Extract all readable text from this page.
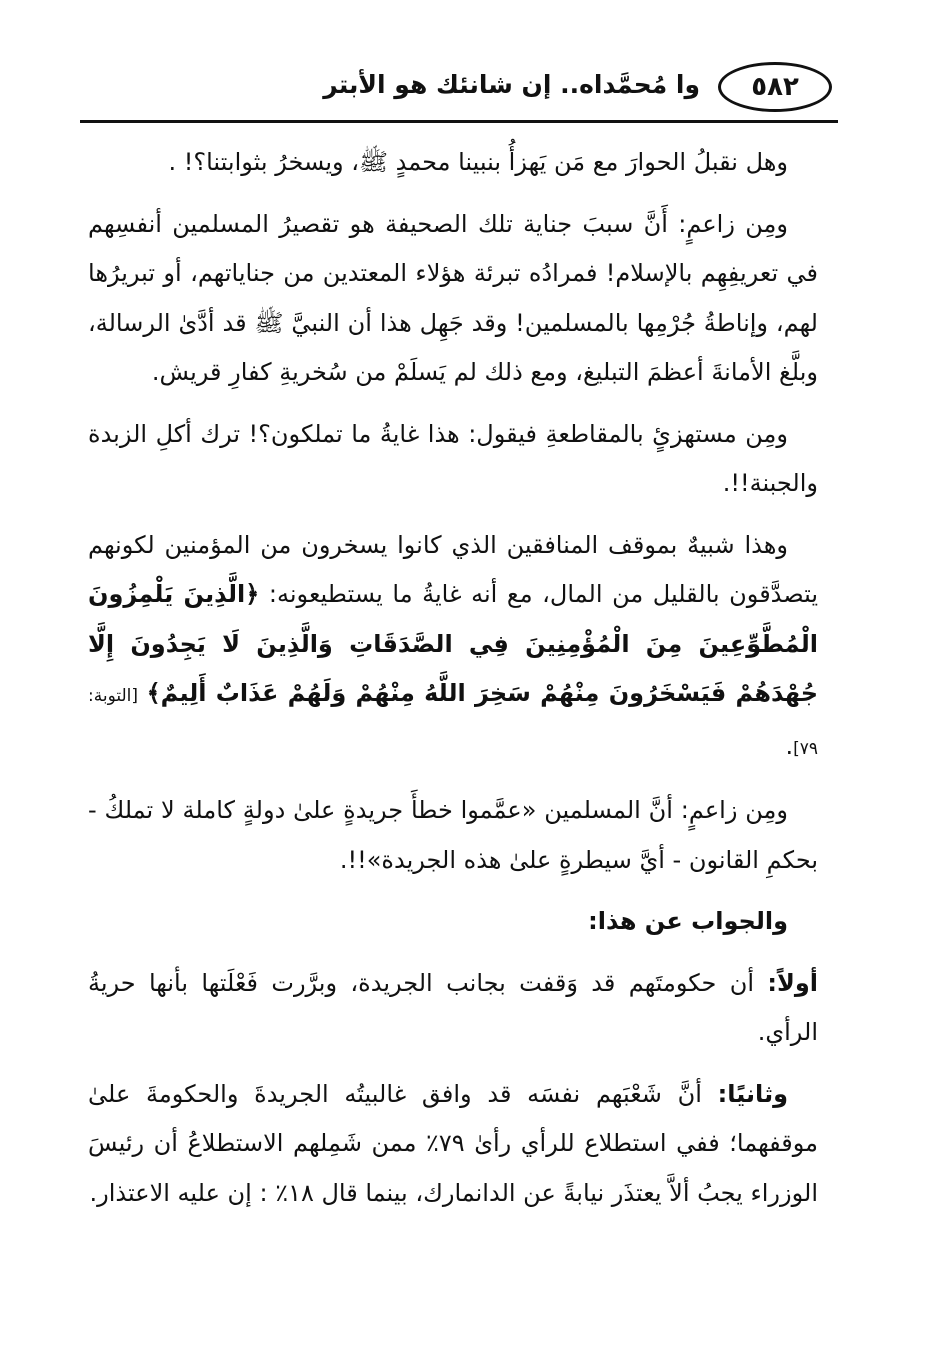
٥٨٢
وا مُحمَّداه.. إن شانئك هو الأبتر

وهل نقبلُ الحوارَ مع مَن يَهزأُ بنبينا محمدٍ ﷺ، ويسخرُ بثوابتنا؟! .

ومِن زاعمٍ: أَنَّ سببَ جناية تلك الصحيفة هو تقصيرُ المسلمين أنفسِهم في تعريفِهِم بالإسلام! فمرادُه تبرئة هؤلاء المعتدين من جناياتهم، أو تبريرُها لهم، وإناطةُ جُرْمِها بالمسلمين! وقد جَهِل هذا أن النبيَّ ﷺ قد أدَّىٰ الرسالة، وبلَّغ الأمانةَ أعظمَ التبليغ، ومع ذلك لم يَسلَمْ من سُخريةِ كفارِ قريش.

ومِن مستهزئٍ بالمقاطعةِ فيقول: هذا غايةُ ما تملكون؟! ترك أكلِ الزبدة والجبنة!!.

وهذا شبيهٌ بموقف المنافقين الذي كانوا يسخرون من المؤمنين لكونهم يتصدَّقون بالقليل من المال، مع أنه غايةُ ما يستطيعونه: ﴿الَّذِينَ يَلْمِزُونَ الْمُطَّوِّعِينَ مِنَ الْمُؤْمِنِينَ فِي الصَّدَقَاتِ وَالَّذِينَ لَا يَجِدُونَ إِلَّا جُهْدَهُمْ فَيَسْخَرُونَ مِنْهُمْ سَخِرَ اللَّهُ مِنْهُمْ وَلَهُمْ عَذَابٌ أَلِيمٌ﴾ [التوبة: ٧٩].

ومِن زاعمٍ: أنَّ المسلمين «عمَّموا خطأَ جريدةٍ علىٰ دولةٍ كاملة لا تملكُ - بحكمِ القانون - أيَّ سيطرةٍ علىٰ هذه الجريدة»!!.

والجواب عن هذا:

أولاً: أن حكومتَهم قد وَقفت بجانب الجريدة، وبرَّرت فَعْلَتها بأنها حريةُ الرأي.

وثانيًا: أنَّ شَعْبَهم نفسَه قد وافق غالبيتُه الجريدةَ والحكومةَ علىٰ موقفهما؛ ففي استطلاع للرأي رأىٰ ٧٩٪ ممن شَمِلهم الاستطلاعُ أن رئيسَ الوزراء يجبُ ألاَّ يعتذَر نيابةً عن الدانمارك، بينما قال ١٨٪ : إن عليه الاعتذار.
